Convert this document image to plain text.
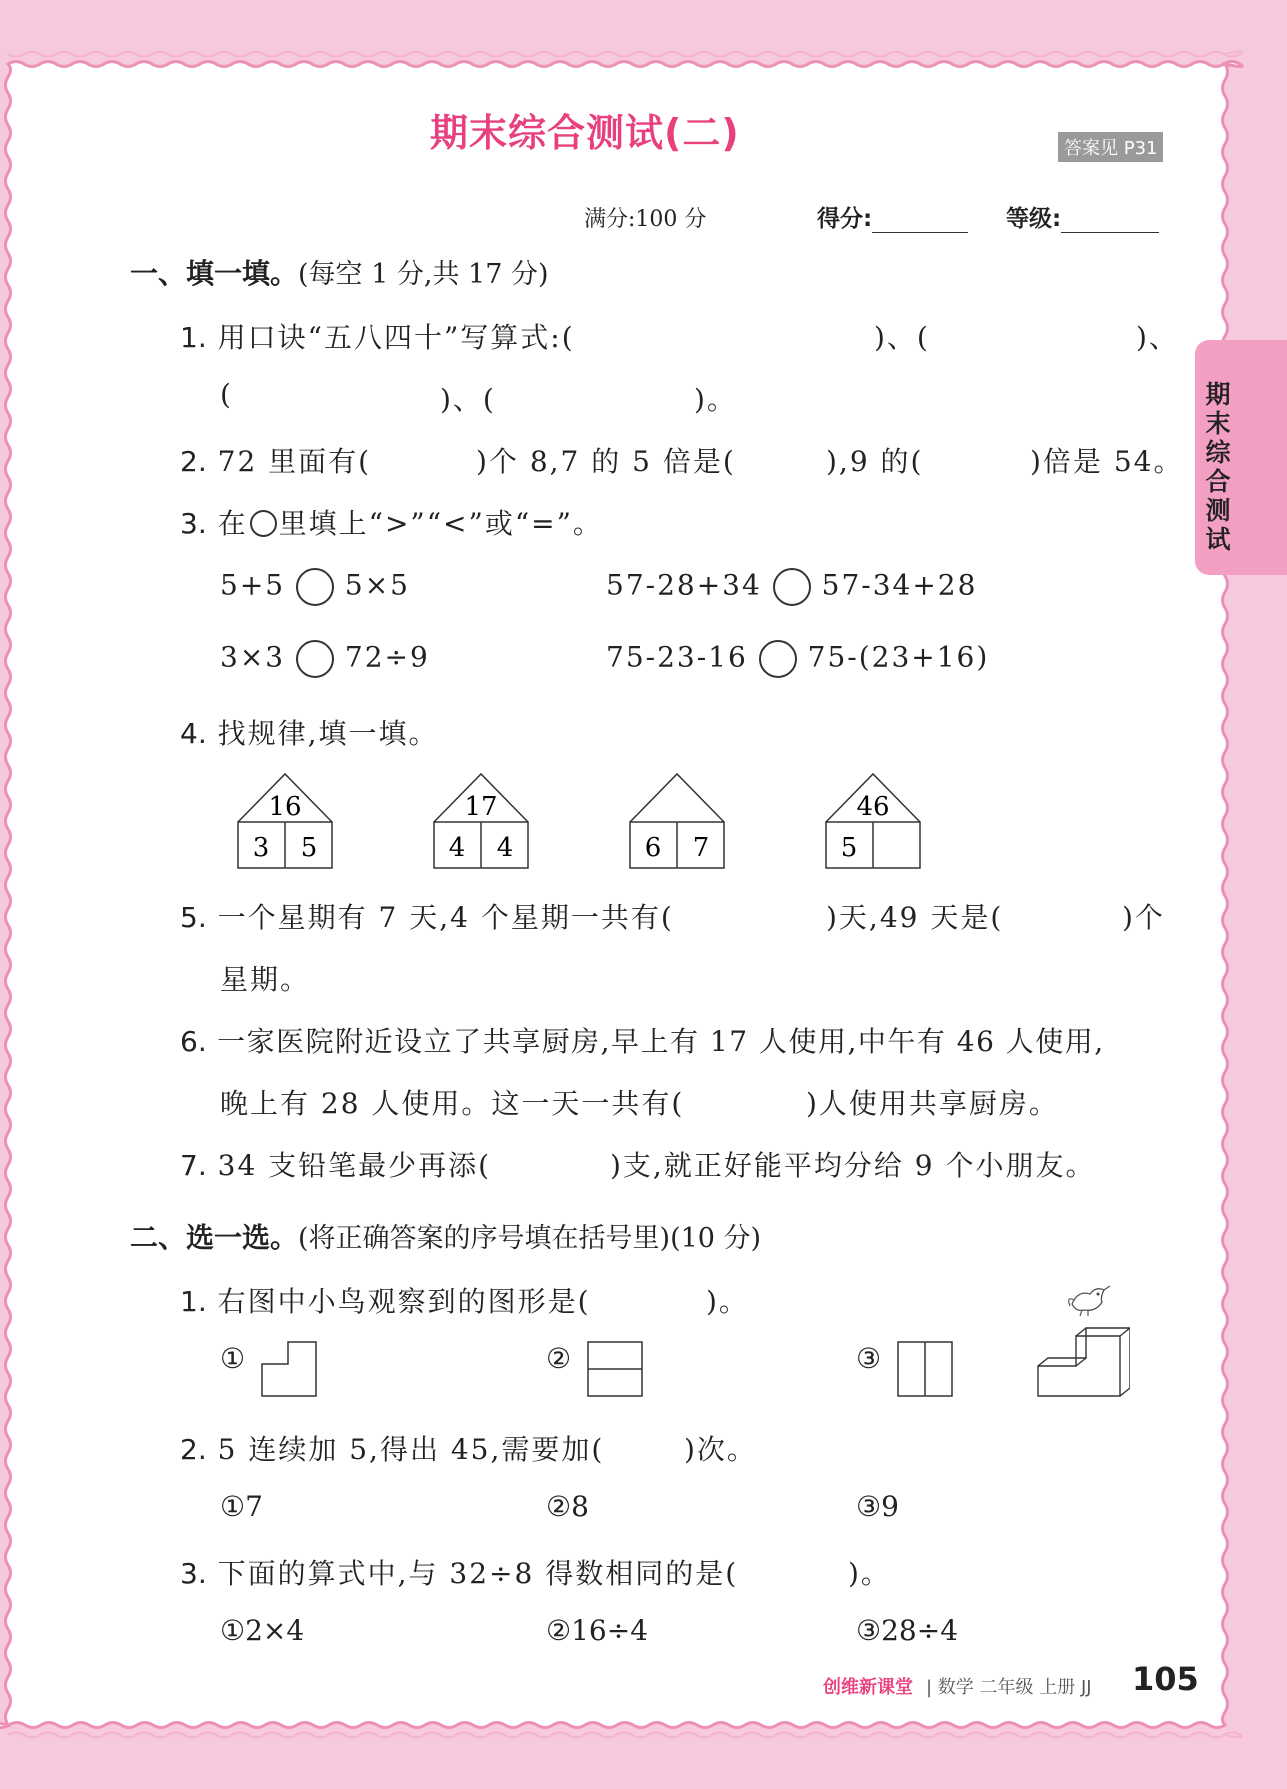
期末综合测试
期末综合测试(二)	答案见 P31
满分:100 分	得分:	等级:
一、填一填。(每空 1 分,共 17 分)
1. 用口诀“五八四十”写算式:(	)、(	)、
(	)、(	)。
2. 72 里面有(	)个 8,7 的 5 倍是(	),9 的(	)倍是 54。
3. 在 里填上“>”“<”或“=”。
5+5 5×5	57-28+34 57-34+28
3×3 72÷9	75-23-16 75-(23+16)
4. 找规律,填一填。
16
3 5
17
4 4	6 7
46
5
5. 一个星期有 7 天,4 个星期一共有(	)天,49 天是(	)个
星期。
6. 一家医院附近设立了共享厨房,早上有 17 人使用,中午有 46 人使用,
晚上有 28 人使用。这一天一共有(	)人使用共享厨房。
7. 34 支铅笔最少再添(	)支,就正好能平均分给 9 个小朋友。
二、选一选。(将正确答案的序号填在括号里)(10 分)
1. 右图中小鸟观察到的图形是(	)。
①	②	③
2. 5 连续加 5,得出 45,需要加(	)次。
①7	②8	③9
3. 下面的算式中,与 32÷8 得数相同的是(	)。
①2×4	②16÷4	③28÷4
创维新课堂 | 数学 二年级 上册 JJ 105
